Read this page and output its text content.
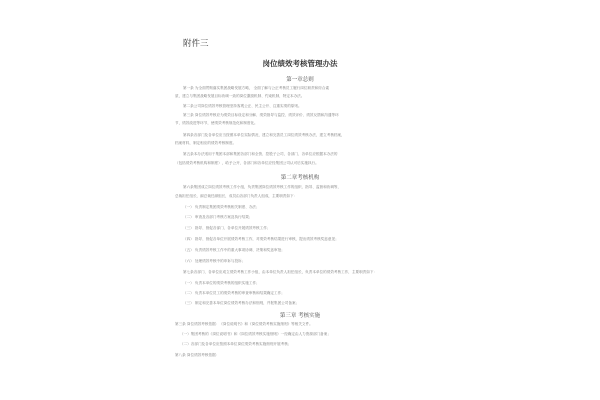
附件三
岗位绩效考核管理办法
第一章总则
第一条 为全面贯彻落实集团战略发展方略， 全面了解与公正考核员工履行岗位职责和综合素
质，建立与集团战略发展目标协调一致的岗位激励机制、约束机制，特定本办法。
第二条公司岗位绩效考核管理坚持客观公正、民主公开、注重实绩的原则。
第三条 岗位绩效考核应为绩效目标设定和分解、绩效指导与监控、绩效评价、绩效反馈和沟通等环
节，绩效改进等环节，使绩效考核规范化和制度化。
第四条各部门及各单位应当按照本单位实际情况，建立和完善员工岗位绩效考核办法，建立考核档案，
档案材料，制定相应的绩效考核制度。
第五条本办法适用于集团本部和集团各部门和全资、控股子公司，各部门、各单位应根据本办法的
（包括绩效考核机构和制度），给予公开，各部门和各单位应经集团公司认可后实施执行。
第二章考核机构
第六条集团成立岗位绩效考核工作小组，负责集团岗位绩效考核工作的组织、指导、监督和协调等，
总裁担任组长，副总裁任副组长，成员由各部门负责人组成，主要职责如下：
（一） 负责制定集团绩效考核相关制度、办法；
（二） 审查及各部门考核方案及执行结果；
（三） 指导、督促各部门、各单位开展绩效考核工作；
（四） 指导、督促各单位开展绩效考核工作，对绩效考核结果进行审核，提出绩效考核奖惩意见；
（五） 负责绩效考核工作中的重大事项协调、决策和奖惩审批；
（六） 处理绩效考核中的申诉与投诉；
第七条各部门、各单位应成立绩效考核工作小组，由本单位负责人担任组长，负责本单位的绩效考核工作，主要职责如下：
（一） 负责本单位的绩效考核的组织实施工作；
（二） 负责本单位员工的绩效考核的审查审核和结果确定工作；
（三） 制定和完善本单位岗位绩效考核办法和细则，并报集团公司备案；
第三章 考核实施
第三条 岗位绩效考核依据：《岗位说明书》和《岗位绩效考核实施细则》等相关文件。
（一）集团考核的《岗位说明书》和《岗位绩效考核实施细则》一经确定由人力资源部门备案；
（二）各部门及各单位应按照本单位岗位绩效考核实施细则开展考核；
第八条 岗位绩效考核依据：
